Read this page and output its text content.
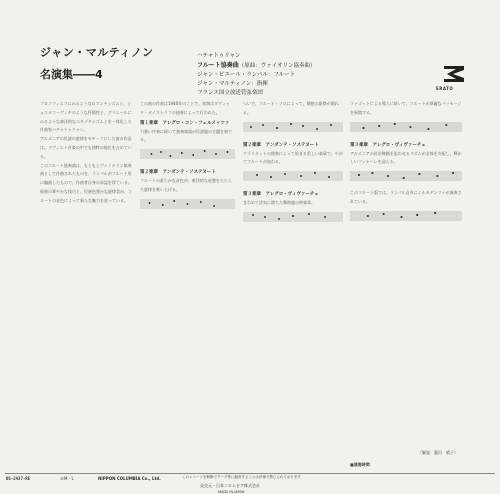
ジャン・マルティノン
名演集――4
ハチャトゥリャン
フルート協奏曲（原曲：ヴァイオリン協奏曲）
ジャン・ピエール・ランパル：フルート
ジャン・マルティノン：指揮
フランス国立放送管弦楽団
ERATO
プロコフィエフにみるようなロマンチシズムと、ショスタコーヴィチのような抒情性と、グリエールにみるような東洋的なエキゾチシズムとを一体化した作曲家ハチャトゥリャン。
アルメニアの民謡の旋律をモチーフにした彼の作品は、ソヴィエト音楽の中でも独特の地位を占めている。
このフルート協奏曲は、もともとヴァイオリン協奏曲として作曲されたものを、ランパルがフルート用に編曲したもので、作曲者自身の承認を得ている。
原曲の華やかな技巧と、民族色豊かな旋律美が、フルートの音色によって新たな魅力を放っている。
この曲の作曲は1940年のことで、初演はダヴィッド・オイストラフの独奏によって行われた。
第１楽章　アレグロ・コン・フェルメッツァ
力強い序奏に続いて独奏楽器が民謡風の主題を奏でる。
第２楽章　アンダンテ・ソステヌート
フルートの柔らかな音色が、東洋的な哀愁をたたえた旋律を歌い上げる。
ついで、フルート・ソロによって、郷愁の旋律が現れる。
第２楽章　アンダンテ・ソステヌート
クラリネットの独奏によって始まる美しい楽章で、やがてフルートが加わる。
第３楽章　アレグロ・ヴィヴァーチェ
きわめて活気に満ちた舞曲風の終楽章。
ファゴットによる導入に続いて、フルートが華麗なパッセージを展開する。
第３楽章　アレグロ・ヴィヴァーチェ
アルメニアの民俗舞踊を思わせるリズムが全体を支配し、輝かしいフィナーレを迎える。
このフルート版では、ランパル自身によるカデンツァが演奏されている。
（解説：藤田　晴子）
■演奏時間
OS-2437-RE	℗M・L	NIPPON COLUMBIA Co., Ltd.	このレコードを無断でテープ等に録音することは法律で禁じられております
発売元・日本コロムビア株式会社
MADE IN JAPAN
